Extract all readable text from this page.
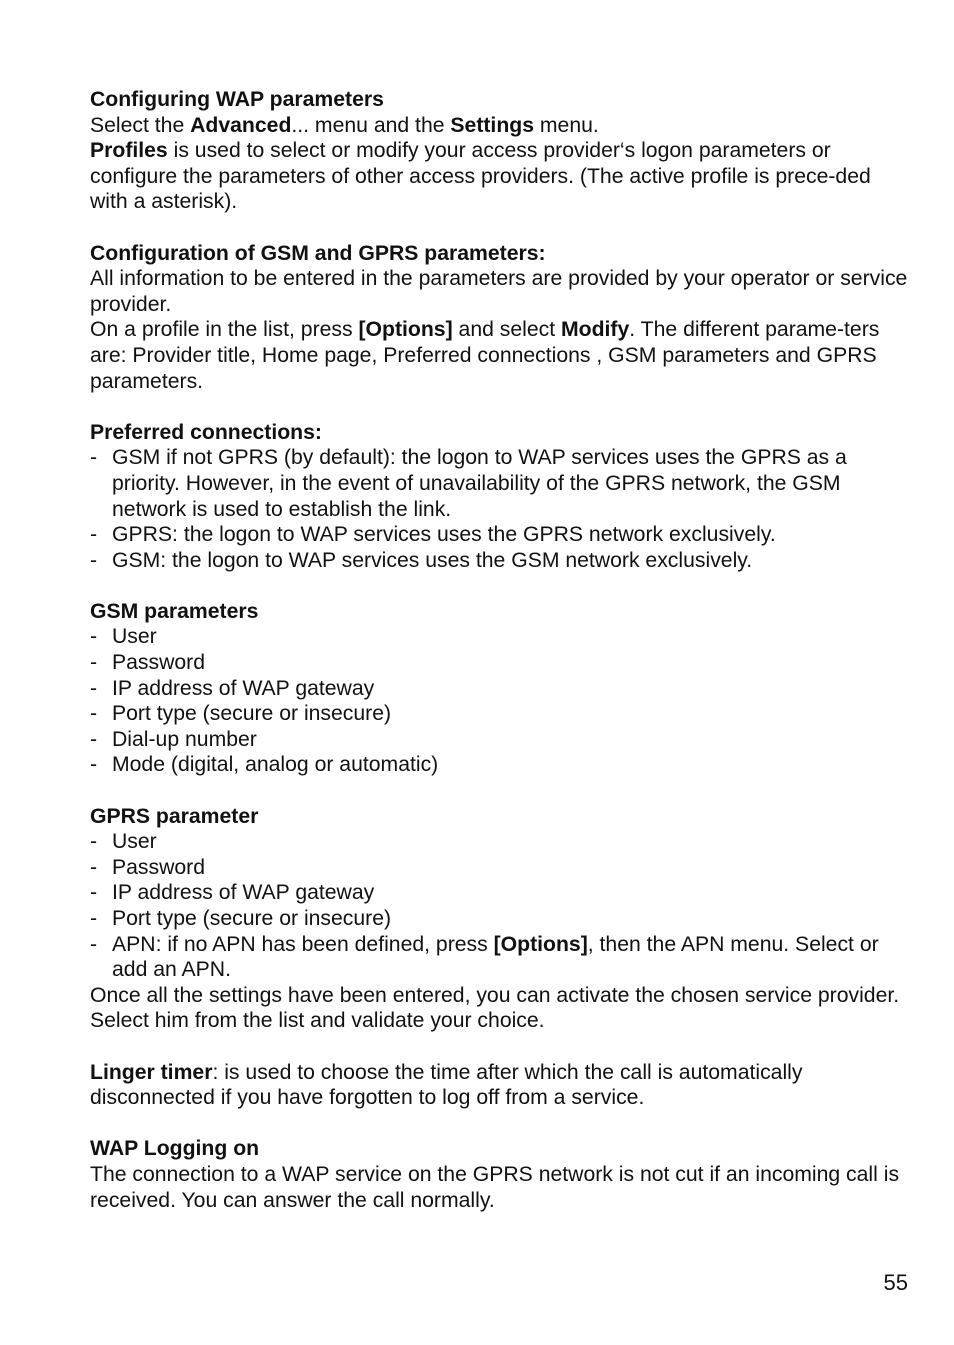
Configuring WAP parameters

Select the Advanced... menu and the Settings menu.

Profiles is used to select or modify your access provider‘s logon parameters or configure the parameters of other access providers. (The active profile is prece-ded with a asterisk).

Configuration of GSM and GPRS parameters:

All information to be entered in the parameters are provided by your operator or service provider.

On a profile in the list, press [Options] and select Modify. The different parame-ters are: Provider title, Home page, Preferred connections , GSM parameters and GPRS parameters.

Preferred connections:
- GSM if not GPRS (by default): the logon to WAP services uses the GPRS as a priority. However, in the event of unavailability of the GPRS network, the GSM network is used to establish the link.
- GPRS: the logon to WAP services uses the GPRS network exclusively.
- GSM: the logon to WAP services uses the GSM network exclusively.
GSM parameters
- User
- Password
- IP address of WAP gateway
- Port type (secure or insecure)
- Dial-up number
- Mode (digital, analog or automatic)
GPRS parameter
- User
- Password
- IP address of WAP gateway
- Port type (secure or insecure)
- APN: if no APN has been defined, press [Options], then the APN menu. Select or add an APN.

Once all the settings have been entered, you can activate the chosen service provider. Select him from the list and validate your choice.

Linger timer: is used to choose the time after which the call is automatically disconnected if you have forgotten to log off from a service.

WAP Logging on

The connection to a WAP service on the GPRS network is not cut if an incoming call is received. You can answer the call normally.

55
